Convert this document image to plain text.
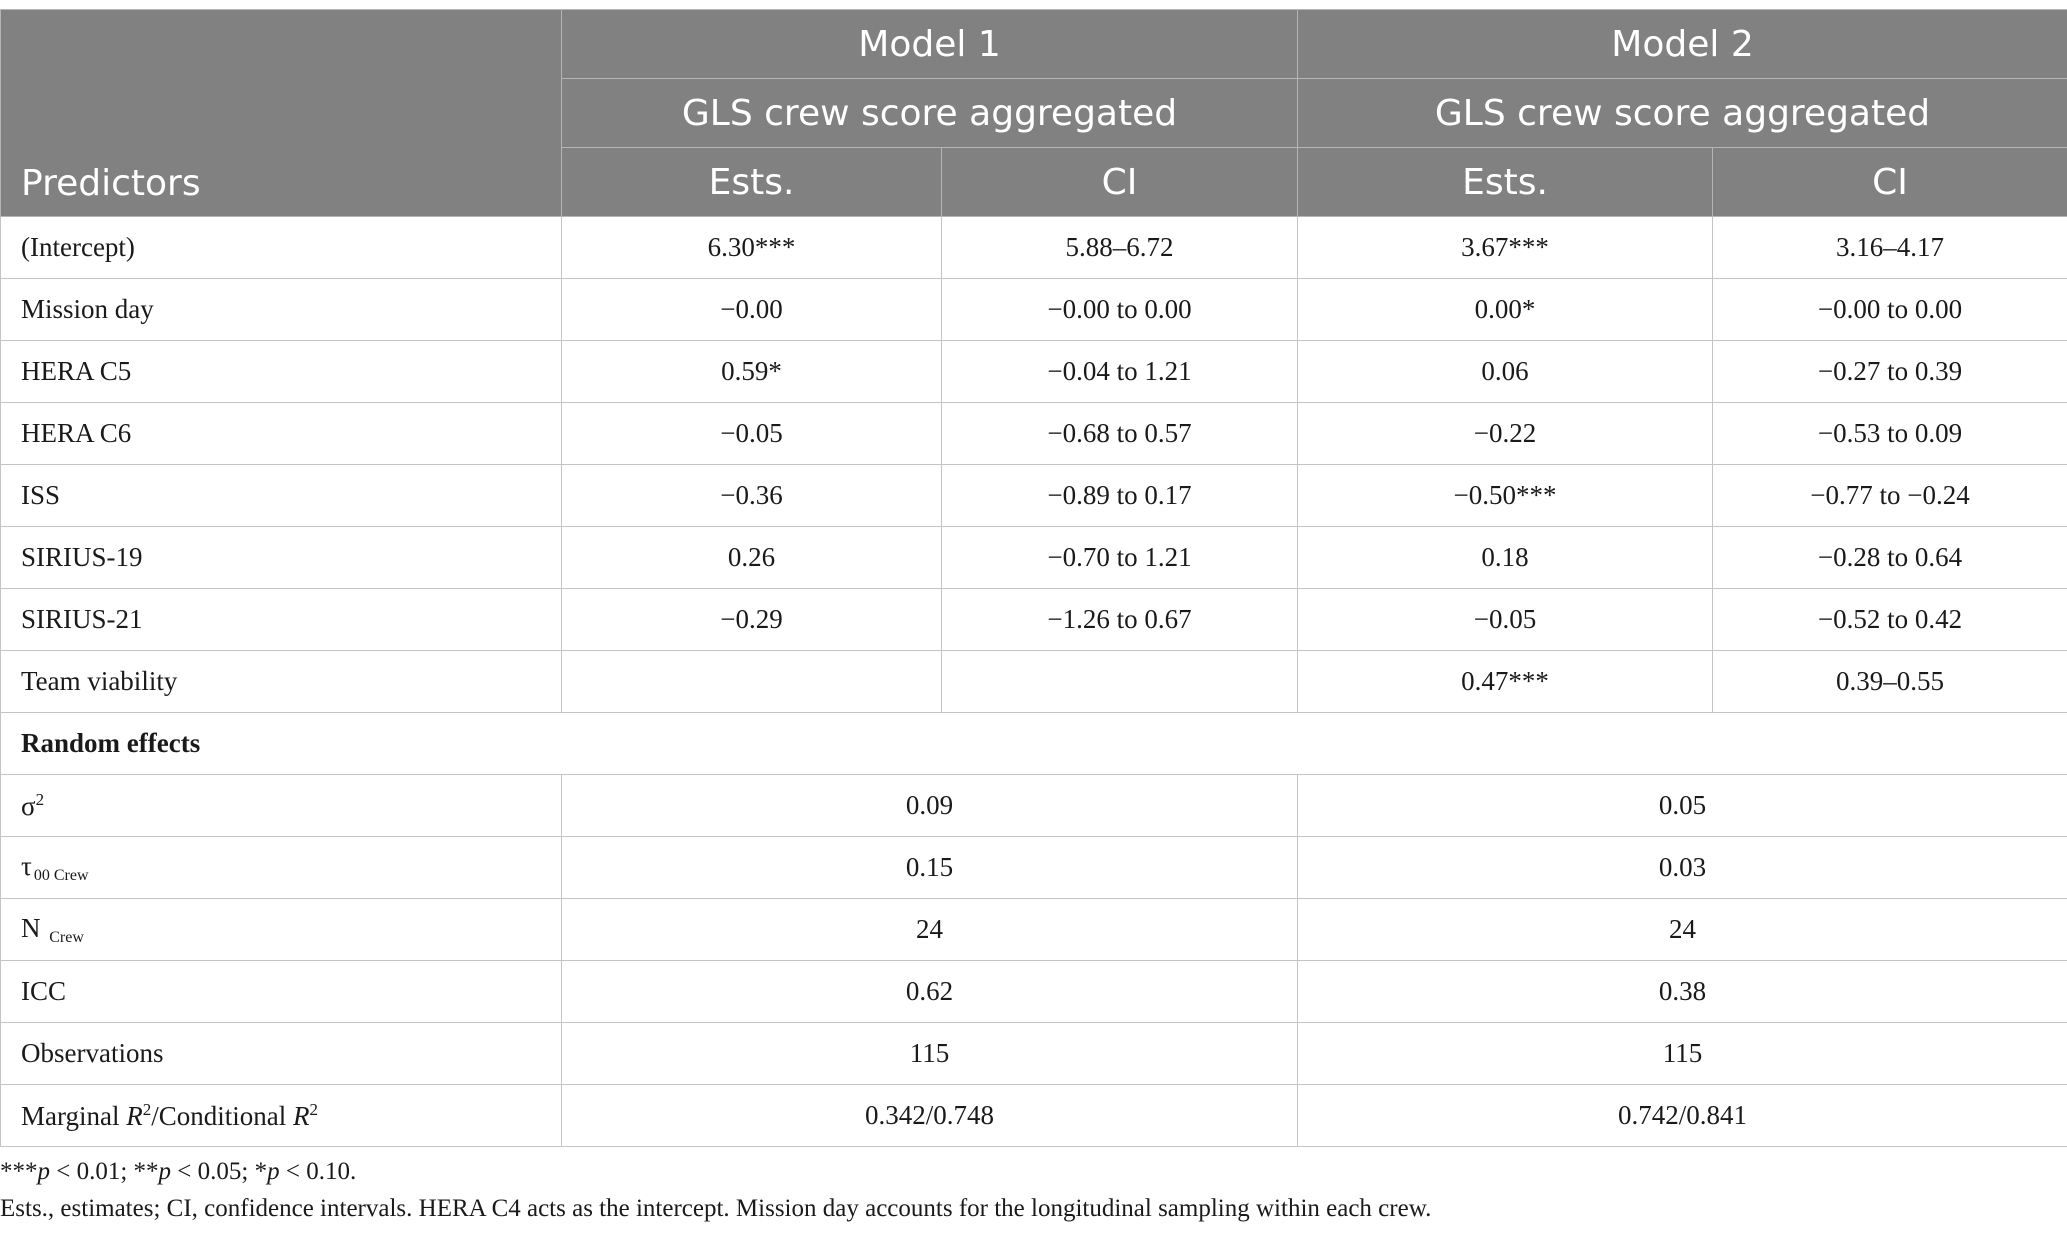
Predictors	Model 1		Model 2	
	GLS crew score aggregated		GLS crew score aggregated	
	Ests.	CI	Ests.	CI
(Intercept)	6.30***	5.88–6.72	3.67***	3.16–4.17
Mission day	−0.00	−0.00 to 0.00	0.00*	−0.00 to 0.00
HERA C5	0.59*	−0.04 to 1.21	0.06	−0.27 to 0.39
HERA C6	−0.05	−0.68 to 0.57	−0.22	−0.53 to 0.09
ISS	−0.36	−0.89 to 0.17	−0.50***	−0.77 to −0.24
SIRIUS-19	0.26	−0.70 to 1.21	0.18	−0.28 to 0.64
SIRIUS-21	−0.29	−1.26 to 0.67	−0.05	−0.52 to 0.42
Team viability			0.47***	0.39–0.55
Random effects				
$\sigma^2$	0.09		0.05	
τ $_{00 Crew}$	0.15		0.03	
N $_{Crew}$	24		24	
ICC	0.62		0.38	
Observations	115		115	
Marginal $R^2$/Conditional $R^2$	0.342/0.748		0.742/0.841	

***p < 0.01; **p < 0.05; *p < 0.10.

Ests., estimates; CI, confidence intervals. HERA C4 acts as the intercept. Mission day accounts for the longitudinal sampling within each crew.
